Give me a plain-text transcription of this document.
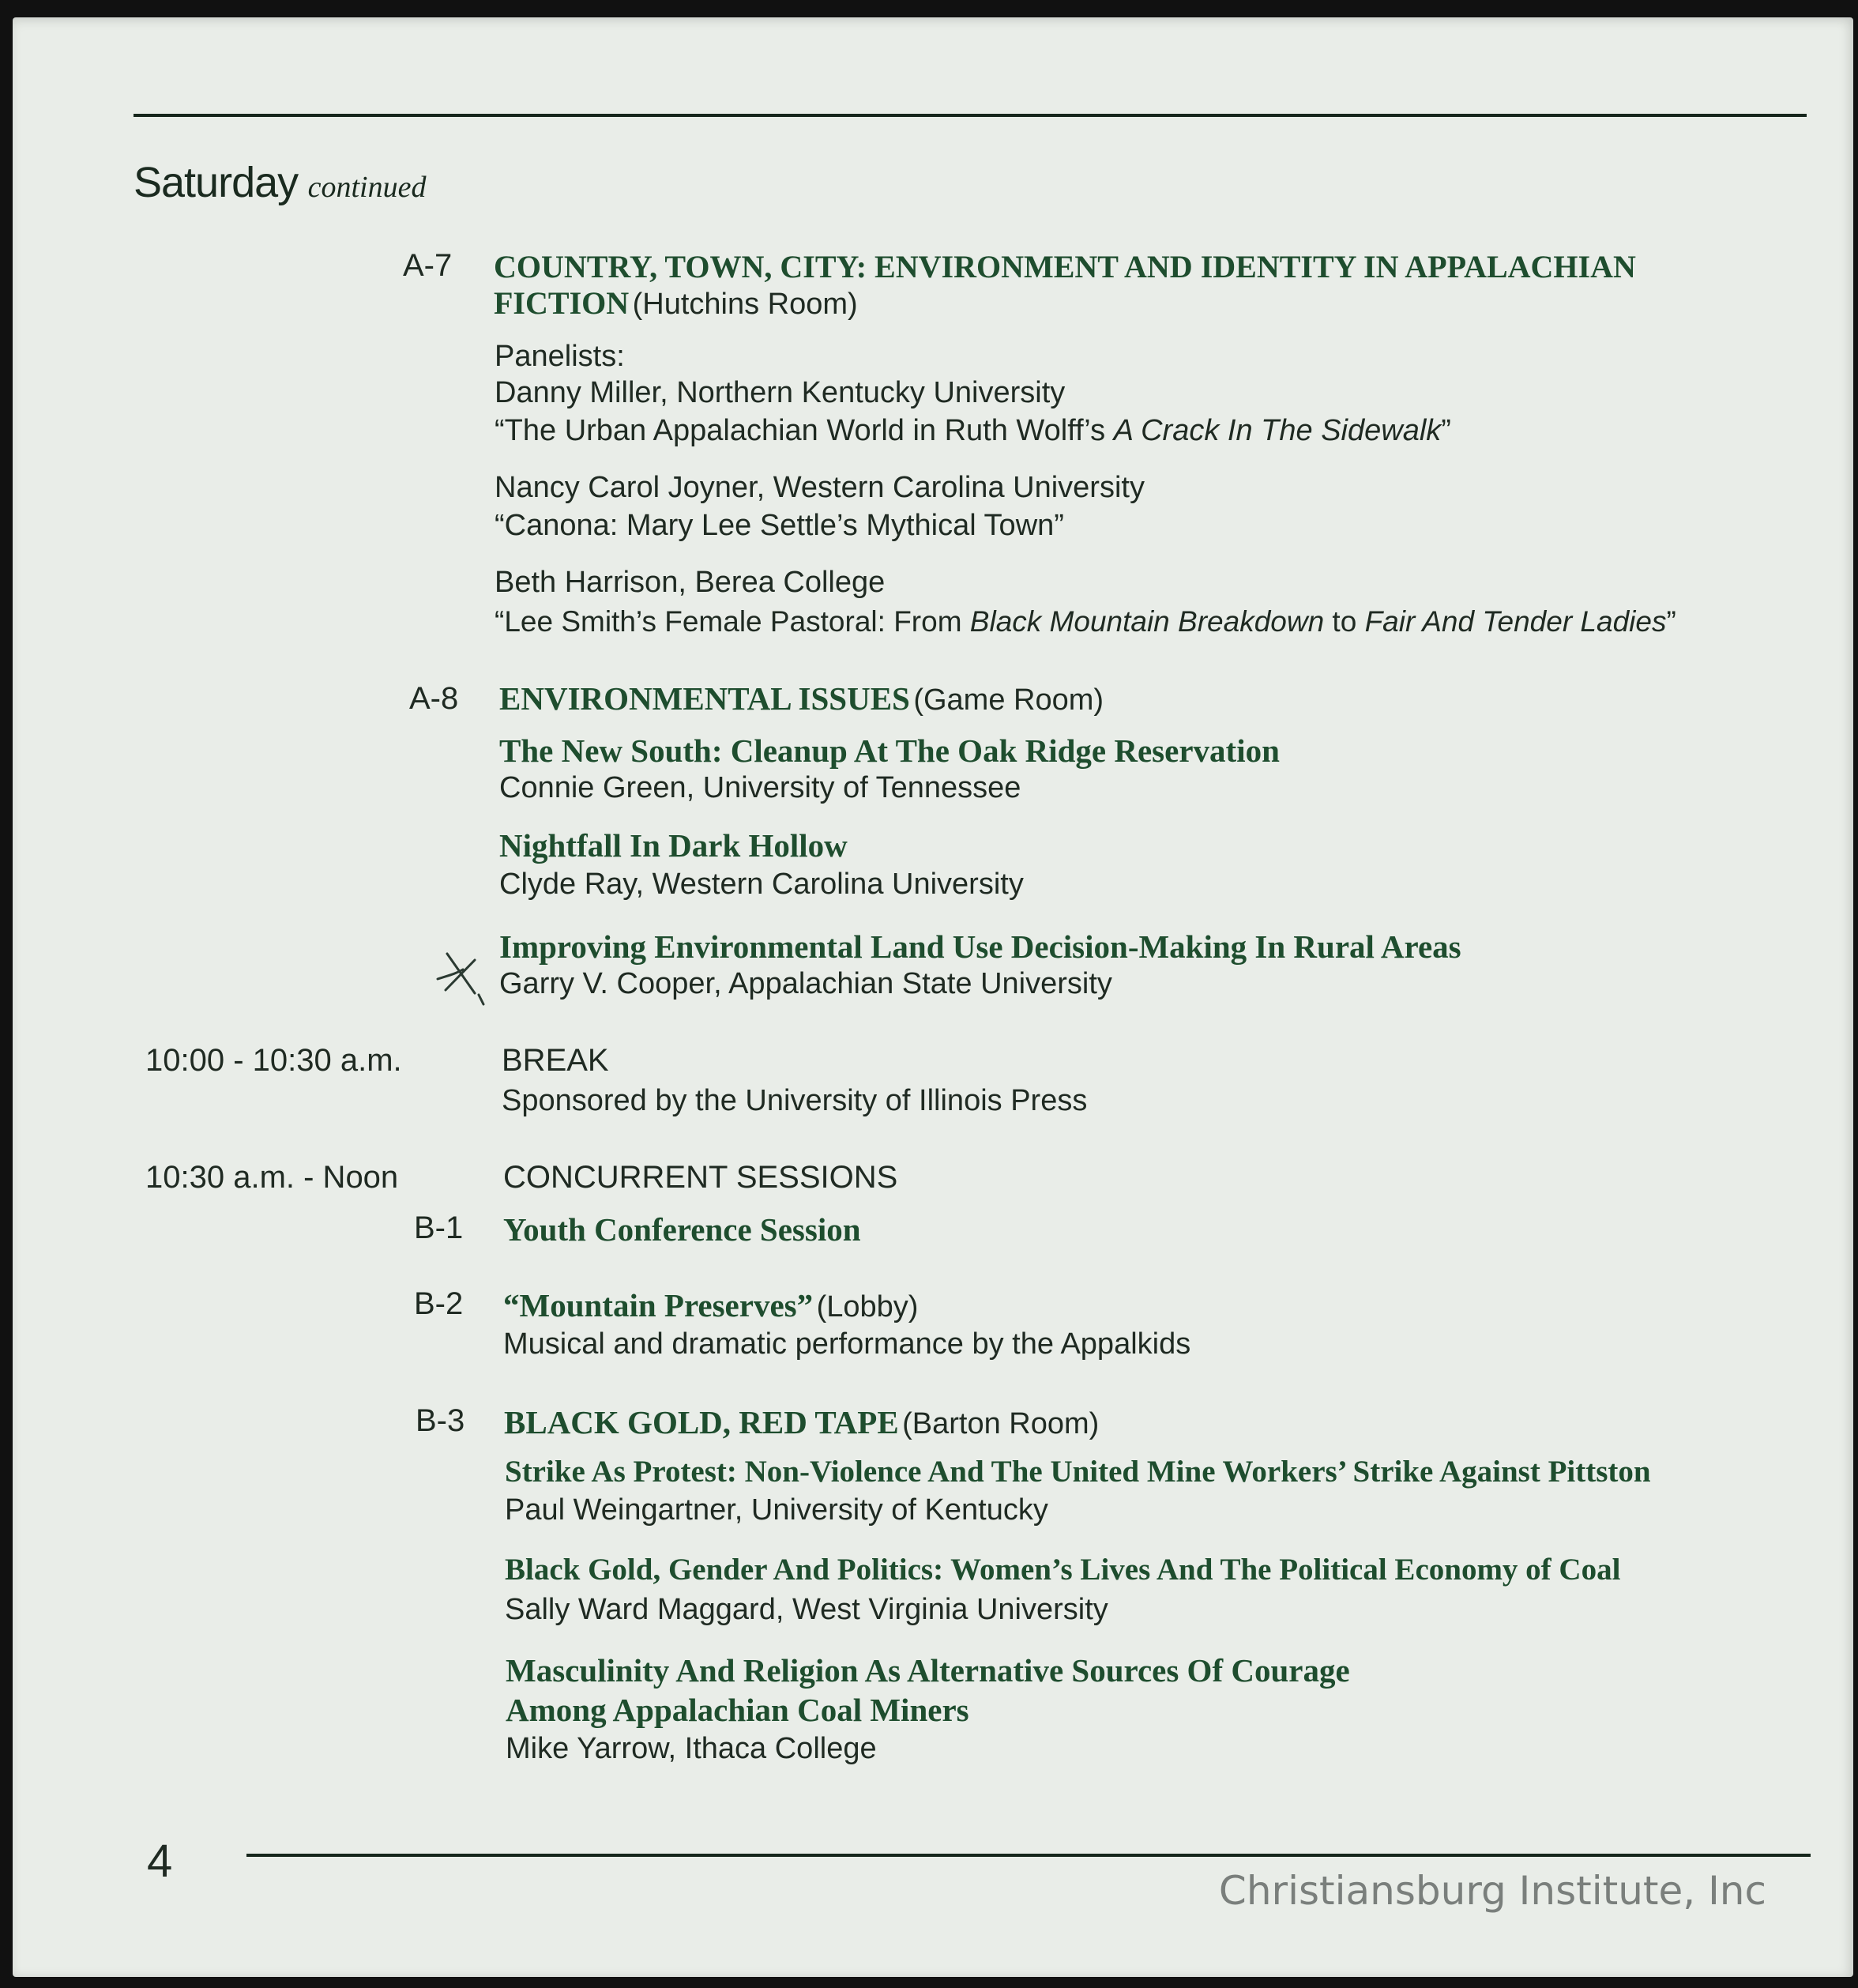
Saturday continued
A-7 COUNTRY, TOWN, CITY: ENVIRONMENT AND IDENTITY IN APPALACHIAN
FICTION (Hutchins Room)
Panelists:
Danny Miller, Northern Kentucky University
“The Urban Appalachian World in Ruth Wolff’s A Crack In The Sidewalk”
Nancy Carol Joyner, Western Carolina University
“Canona: Mary Lee Settle’s Mythical Town”
Beth Harrison, Berea College
“Lee Smith’s Female Pastoral: From Black Mountain Breakdown to Fair And Tender Ladies”
A-8 ENVIRONMENTAL ISSUES (Game Room)
The New South: Cleanup At The Oak Ridge Reservation
Connie Green, University of Tennessee
Nightfall In Dark Hollow
Clyde Ray, Western Carolina University
Improving Environmental Land Use Decision-Making In Rural Areas
Garry V. Cooper, Appalachian State University
10:00 - 10:30 a.m.	BREAK
Sponsored by the University of Illinois Press
10:30 a.m. - Noon	CONCURRENT SESSIONS
B-1 Youth Conference Session
B-2 “Mountain Preserves” (Lobby)
Musical and dramatic performance by the Appalkids
B-3 BLACK GOLD, RED TAPE (Barton Room)
Strike As Protest: Non-Violence And The United Mine Workers’ Strike Against Pittston
Paul Weingartner, University of Kentucky
Black Gold, Gender And Politics: Women’s Lives And The Political Economy of Coal
Sally Ward Maggard, West Virginia University
Masculinity And Religion As Alternative Sources Of Courage
Among Appalachian Coal Miners
Mike Yarrow, Ithaca College
4
Christiansburg Institute, Inc
